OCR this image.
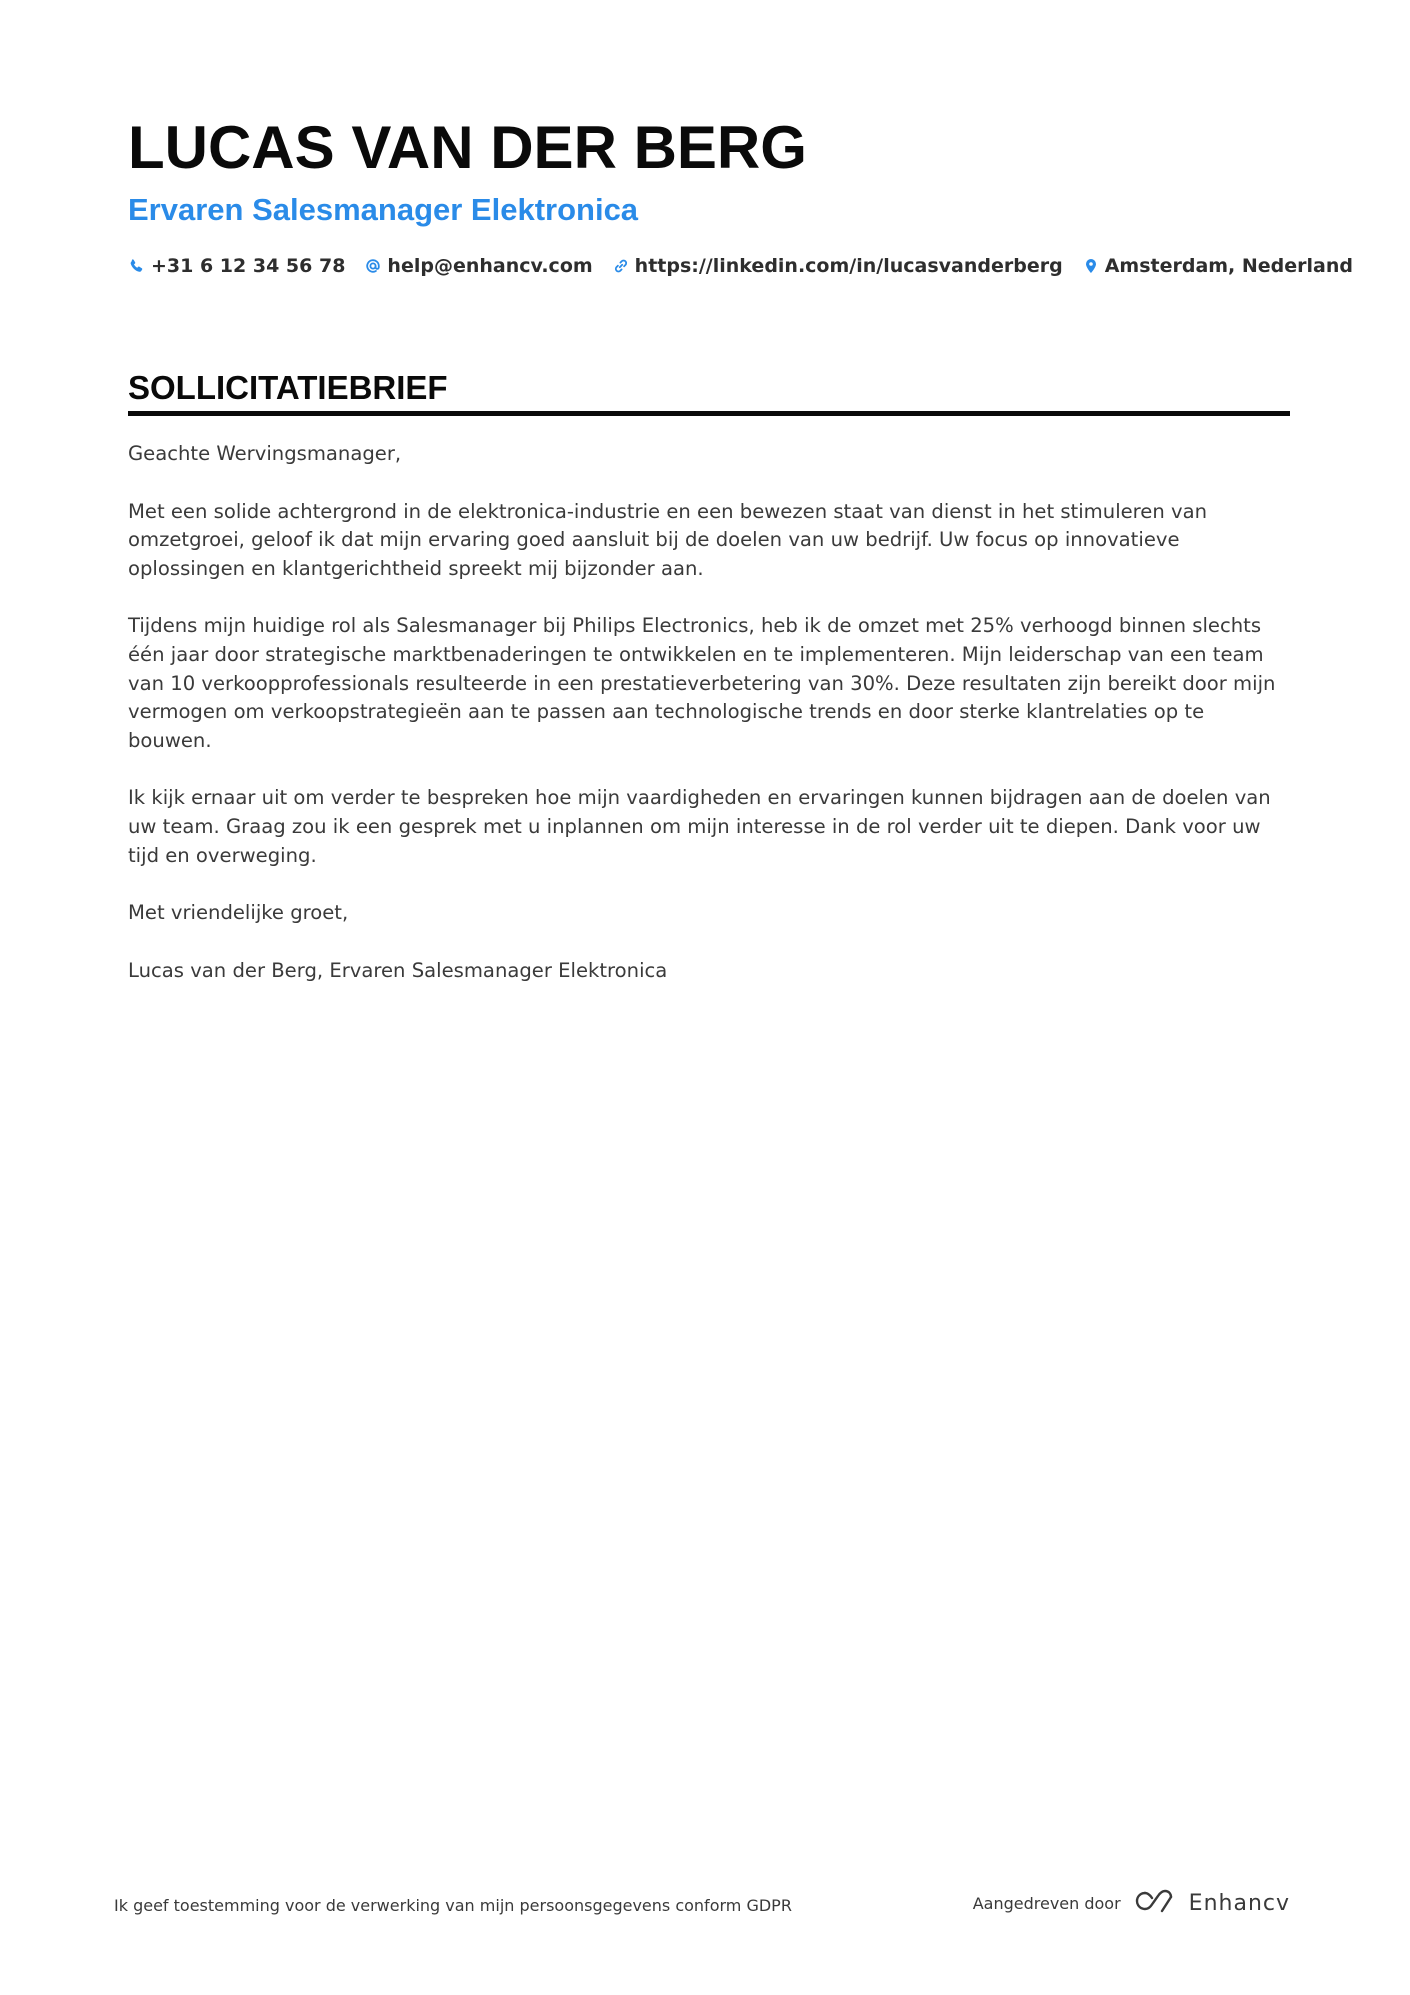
LUCAS VAN DER BERG
Ervaren Salesmanager Elektronica
+31 6 12 34 56 78 help@enhancv.com https://linkedin.com/in/lucasvanderberg Amsterdam, Nederland
SOLLICITATIEBRIEF

Geachte Wervingsmanager,

Met een solide achtergrond in de elektronica-industrie en een bewezen staat van dienst in het stimuleren van omzetgroei, geloof ik dat mijn ervaring goed aansluit bij de doelen van uw bedrijf. Uw focus op innovatieve oplossingen en klantgerichtheid spreekt mij bijzonder aan.

Tijdens mijn huidige rol als Salesmanager bij Philips Electronics, heb ik de omzet met 25% verhoogd binnen slechts één jaar door strategische marktbenaderingen te ontwikkelen en te implementeren. Mijn leiderschap van een team van 10 verkoopprofessionals resulteerde in een prestatieverbetering van 30%. Deze resultaten zijn bereikt door mijn vermogen om verkoopstrategieën aan te passen aan technologische trends en door sterke klantrelaties op te bouwen.

Ik kijk ernaar uit om verder te bespreken hoe mijn vaardigheden en ervaringen kunnen bijdragen aan de doelen van uw team. Graag zou ik een gesprek met u inplannen om mijn interesse in de rol verder uit te diepen. Dank voor uw tijd en overweging.

Met vriendelijke groet,

Lucas van der Berg, Ervaren Salesmanager Elektronica

Ik geef toestemming voor de verwerking van mijn persoonsgegevens conform GDPR	Aangedreven door	Enhancv
